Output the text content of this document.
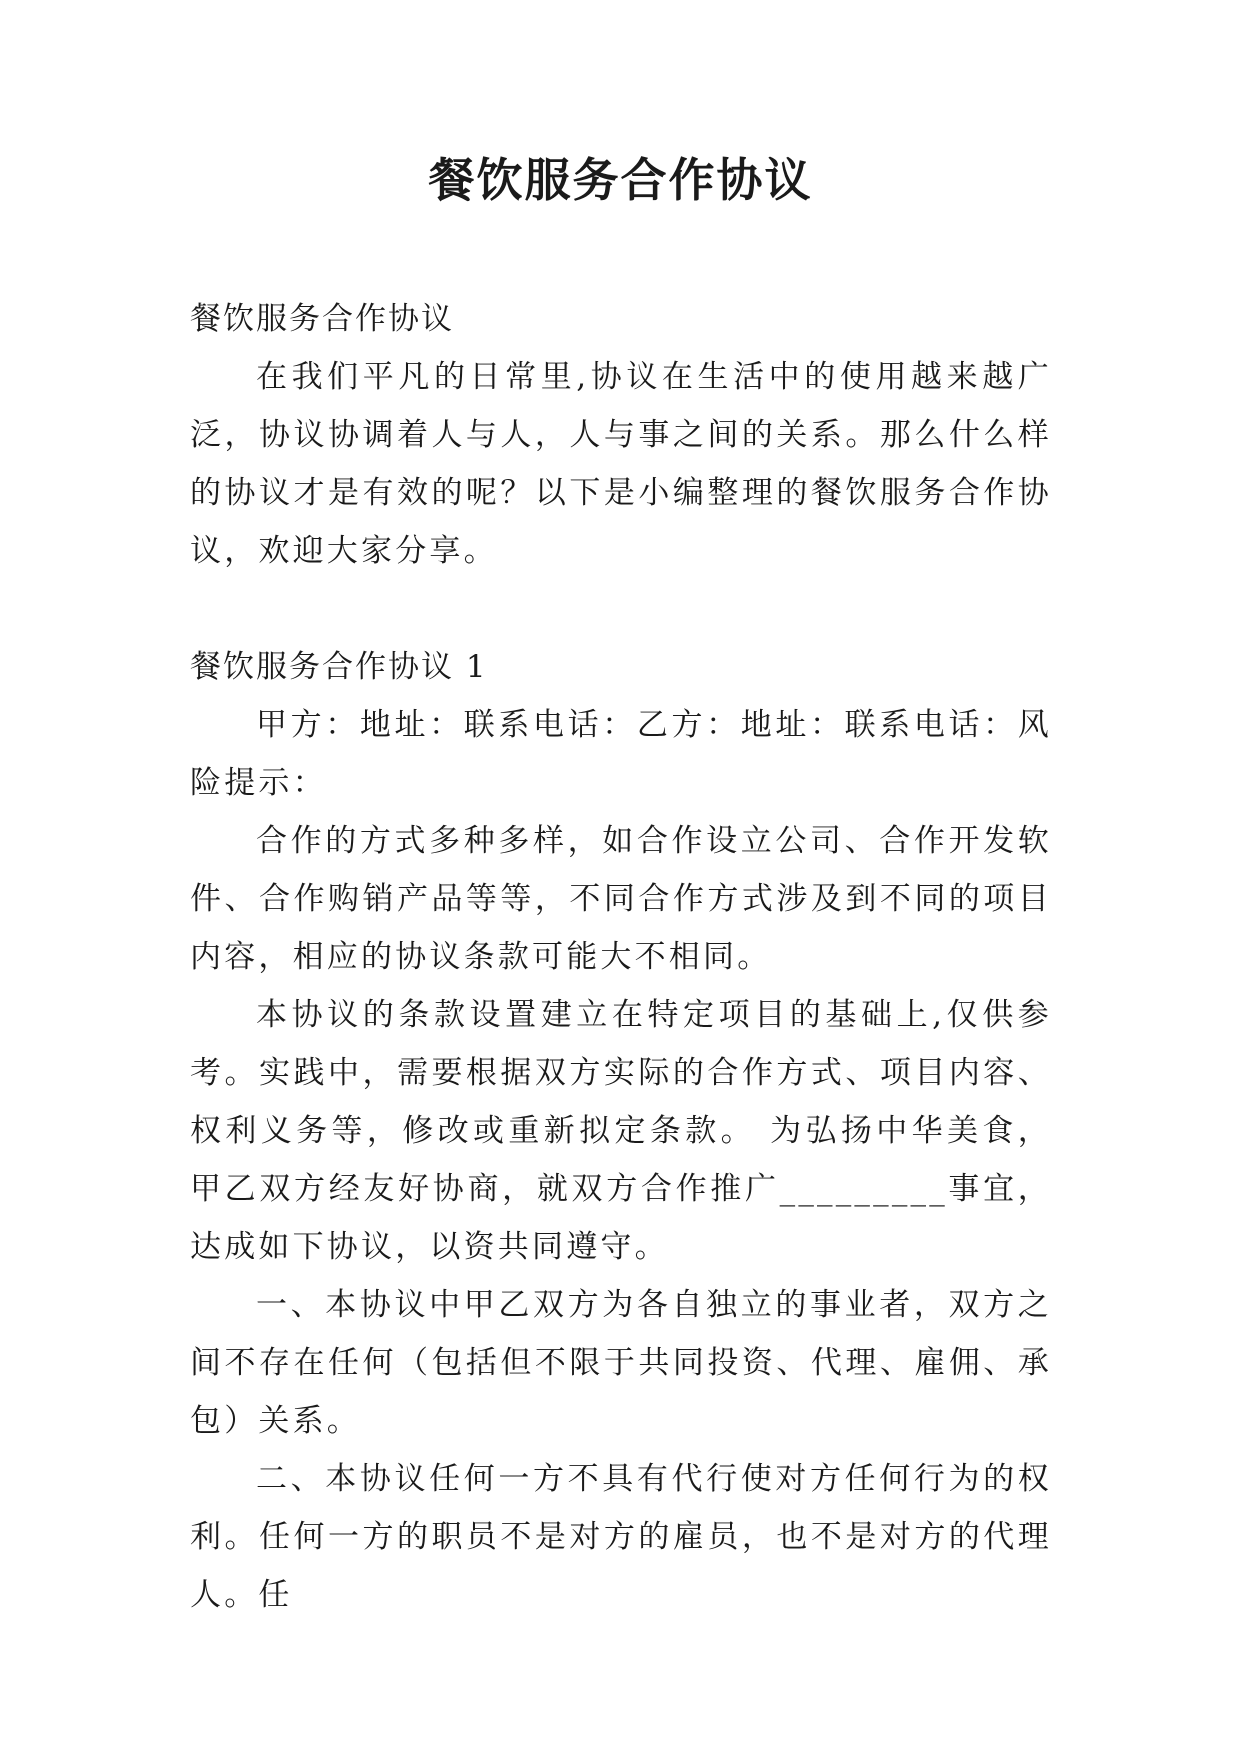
餐饮服务合作协议

餐饮服务合作协议

在我们平凡的日常里,协议在生活中的使用越来越广泛，协议协调着人与人，人与事之间的关系。那么什么样的协议才是有效的呢？以下是小编整理的餐饮服务合作协议，欢迎大家分享。

餐饮服务合作协议 1

甲方：地址：联系电话：乙方：地址：联系电话：风险提示：

合作的方式多种多样，如合作设立公司、合作开发软件、合作购销产品等等，不同合作方式涉及到不同的项目内容，相应的协议条款可能大不相同。

本协议的条款设置建立在特定项目的基础上,仅供参考。实践中，需要根据双方实际的合作方式、项目内容、权利义务等，修改或重新拟定条款。 为弘扬中华美食，甲乙双方经友好协商，就双方合作推广_________事宜，达成如下协议，以资共同遵守。

一、本协议中甲乙双方为各自独立的事业者，双方之间不存在任何（包括但不限于共同投资、代理、雇佣、承包）关系。

二、本协议任何一方不具有代行使对方任何行为的权利。任何一方的职员不是对方的雇员，也不是对方的代理人。任
